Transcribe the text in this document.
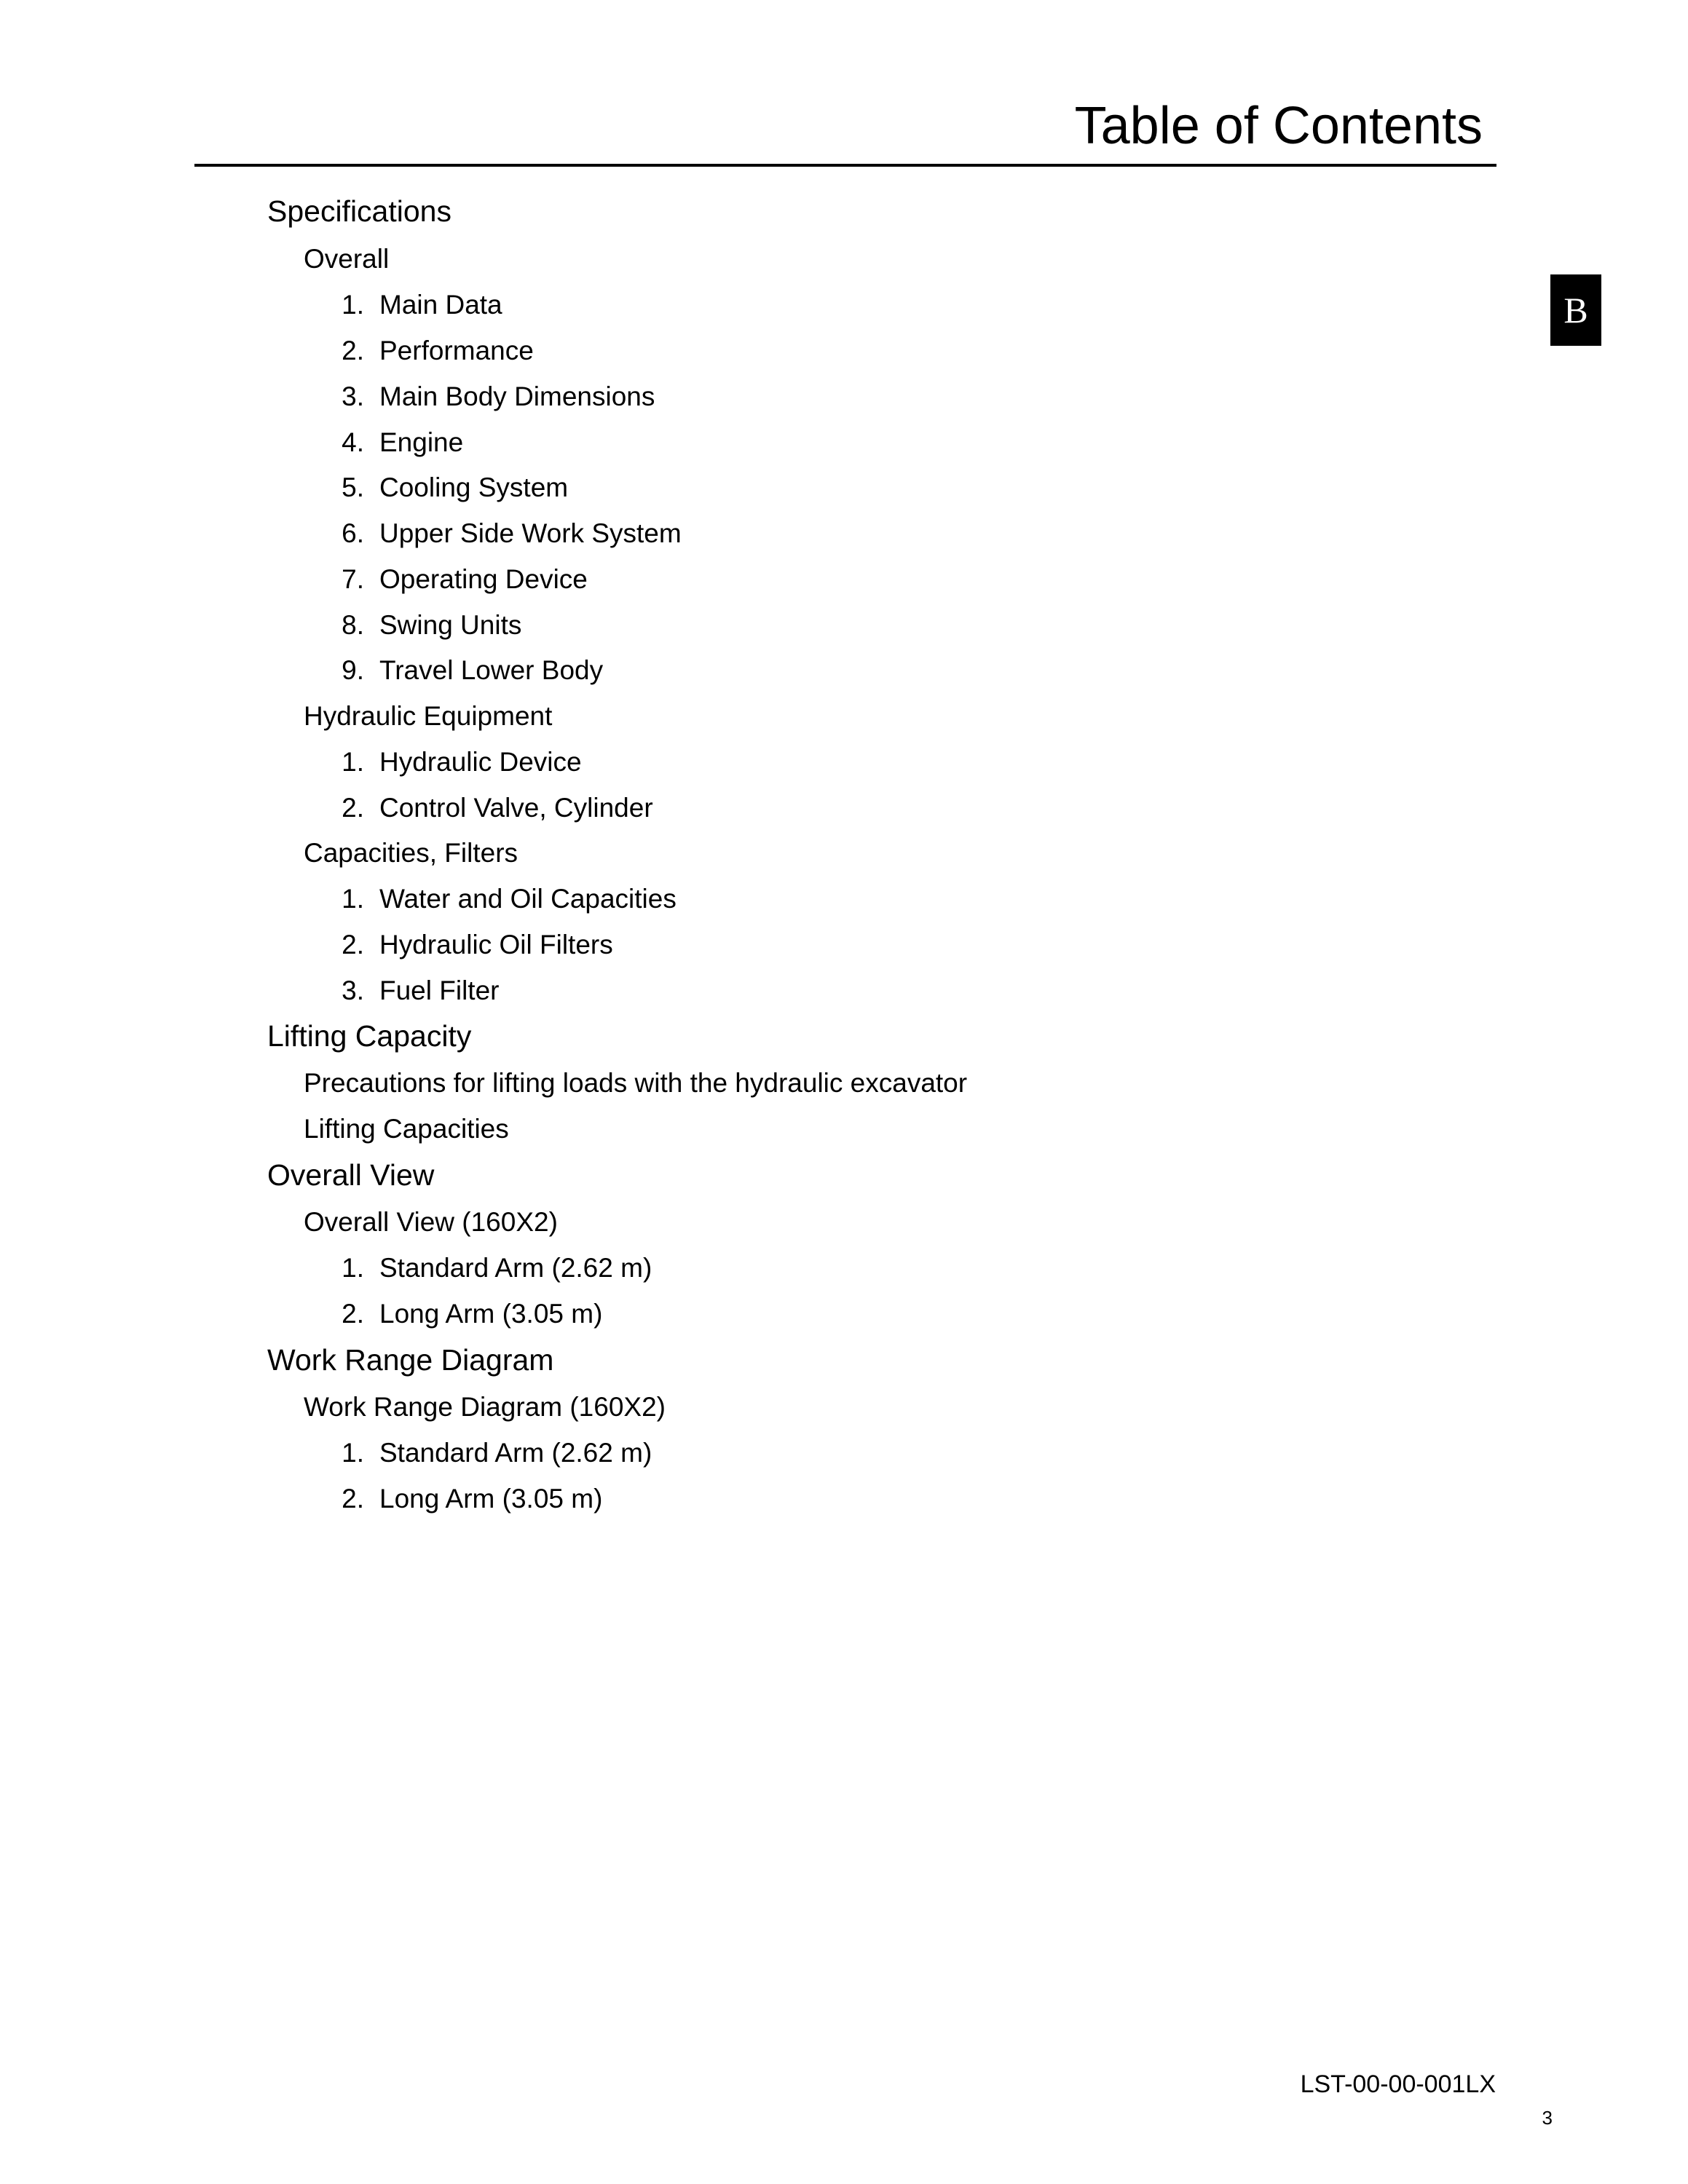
Table of Contents
B
Specifications
Overall
1. Main Data
2. Performance
3. Main Body Dimensions
4. Engine
5. Cooling System
6. Upper Side Work System
7. Operating Device
8. Swing Units
9. Travel Lower Body
Hydraulic Equipment
1. Hydraulic Device
2. Control Valve, Cylinder
Capacities, Filters
1. Water and Oil Capacities
2. Hydraulic Oil Filters
3. Fuel Filter
Lifting Capacity
Precautions for lifting loads with the hydraulic excavator
Lifting Capacities
Overall View
Overall View (160X2)
1. Standard Arm (2.62 m)
2. Long Arm (3.05 m)
Work Range Diagram
Work Range Diagram (160X2)
1. Standard Arm (2.62 m)
2. Long Arm (3.05 m)
LST-00-00-001LX
3
